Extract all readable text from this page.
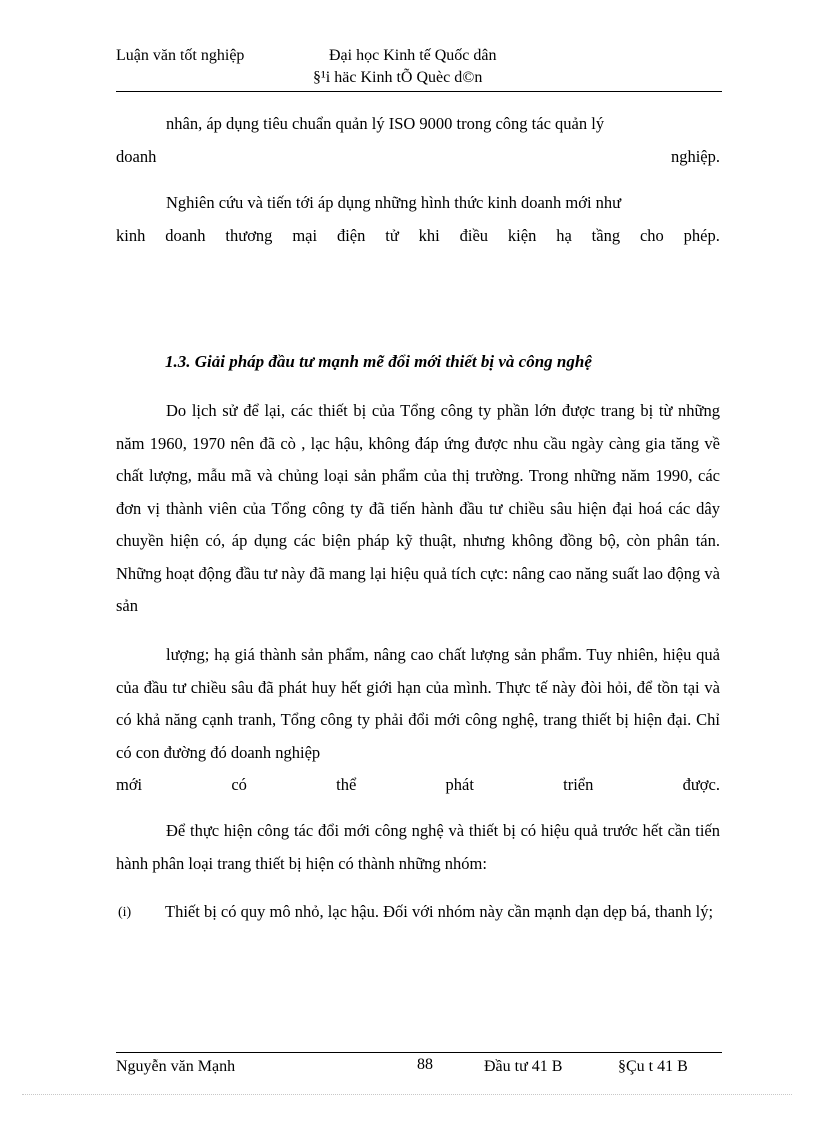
Luận văn tốt nghiệp	Đại học Kinh tế Quốc dân
§¹i häc Kinh tÕ Quèc d©n
nhân, áp dụng tiêu chuẩn quản lý ISO 9000 trong công tác quản lý
doanh	nghiệp.
Nghiên cứu và tiến tới áp dụng những hình thức kinh doanh mới như
kinh doanh thương mại điện tử khi điều kiện hạ tầng cho phép.
1.3. Giải pháp đầu tư mạnh mẽ đổi mới thiết bị và công nghệ
Do lịch sử để lại, các thiết bị của Tổng công ty phần lớn được trang bị từ những năm 1960, 1970 nên đã cò , lạc hậu, không đáp ứng được nhu cầu ngày càng gia tăng về chất lượng, mẫu mã và chủng loại sản phẩm của thị trường. Trong những năm 1990, các đơn vị thành viên của Tổng công ty đã tiến hành đầu tư chiều sâu hiện đại hoá các dây chuyền hiện có, áp dụng các biện pháp kỹ thuật, nhưng không đồng bộ, còn phân tán. Những hoạt động đầu tư này đã mang lại hiệu quả tích cực: nâng cao năng suất lao động và sản
lượng; hạ giá thành sản phẩm, nâng cao chất lượng sản phẩm. Tuy nhiên, hiệu quả của đầu tư chiều sâu đã phát huy hết giới hạn của mình. Thực tế này đòi hỏi, để tồn tại và có khả năng cạnh tranh, Tổng công ty phải đổi mới công nghệ, trang thiết bị hiện đại. Chỉ có con đường đó doanh nghiệp
mới	có	thể	phát	triển	được.
Để thực hiện công tác đổi mới công nghệ và thiết bị có hiệu quả trước hết cần tiến hành phân loại trang thiết bị hiện có thành những nhóm:
(i) Thiết bị có quy mô nhỏ, lạc hậu. Đối với nhóm này cần mạnh dạn dẹp bá, thanh lý;
Nguyễn văn Mạnh	88	Đầu tư 41 B	§Çu t 41 B
